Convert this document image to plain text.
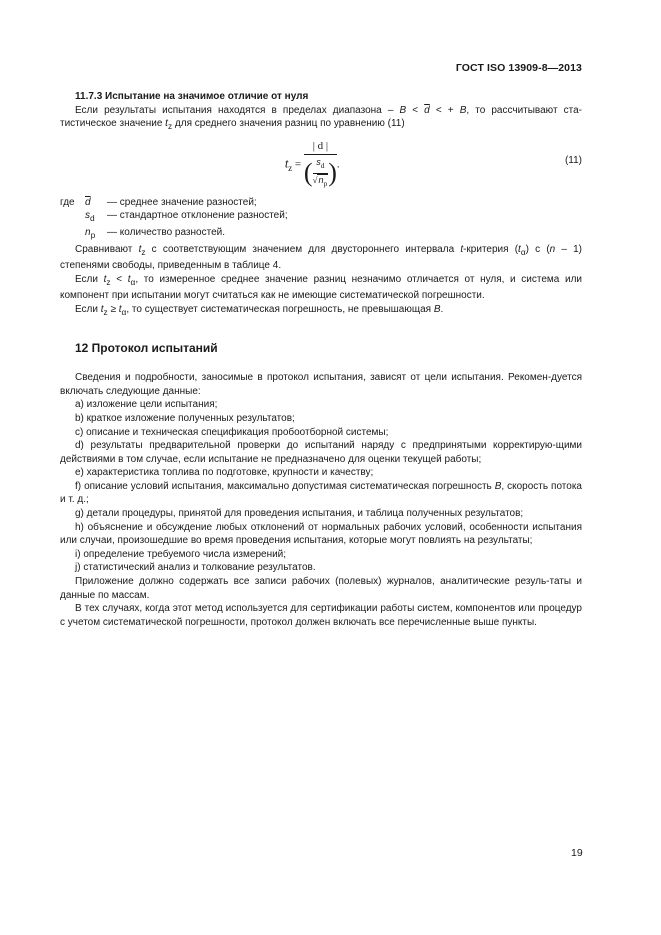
ГОСТ ISO 13909-8—2013

11.7.3 Испытание на значимое отличие от нуля

Если результаты испытания находятся в пределах диапазона – $B < \overline{d}$ < + B, то рассчитывают ста-тистическое значение $t_z$ для среднего значения разниц по уравнению (11)

$t_z = \frac{| d |}{( \frac{s_d}{√n_p} )}$ .	(11)
где	$\overline{d}$	— среднее значение разностей;
$s_d$	— стандартное отклонение разностей;
$n_p$	— количество разностей.

Сравнивают $t_z$ с соответствующим значением для двустороннего интервала t-критерия $(t_\alpha)$ с (n – 1) степенями свободы, приведенным в таблице 4.

Если $t_z < t_\alpha$, то измеренное среднее значение разниц незначимо отличается от нуля, и система или компонент при испытании могут считаться как не имеющие систематической погрешности.

Если $t_z \ge t_\alpha$, то существует систематическая погрешность, не превышающая B.

12 Протокол испытаний

Сведения и подробности, заносимые в протокол испытания, зависят от цели испытания. Рекомен-дуется включать следующие данные:

a) изложение цели испытания;

b) краткое изложение полученных результатов;

c) описание и техническая спецификация пробоотборной системы;

d) результаты предварительной проверки до испытаний наряду с предпринятыми корректирую-щими действиями в том случае, если испытание не предназначено для оценки текущей работы;

e) характеристика топлива по подготовке, крупности и качеству;

f) описание условий испытания, максимально допустимая систематическая погрешность B, скорость потока и т. д.;

g) детали процедуры, принятой для проведения испытания, и таблица полученных результатов;

h) объяснение и обсуждение любых отклонений от нормальных рабочих условий, особенности испытания или случаи, произошедшие во время проведения испытания, которые могут повлиять на результаты;

i) определение требуемого числа измерений;

j) статистический анализ и толкование результатов.

Приложение должно содержать все записи рабочих (полевых) журналов, аналитические резуль-таты и данные по массам.

В тех случаях, когда этот метод используется для сертификации работы систем, компонентов или процедур с учетом систематической погрешности, протокол должен включать все перечисленные выше пункты.

19
